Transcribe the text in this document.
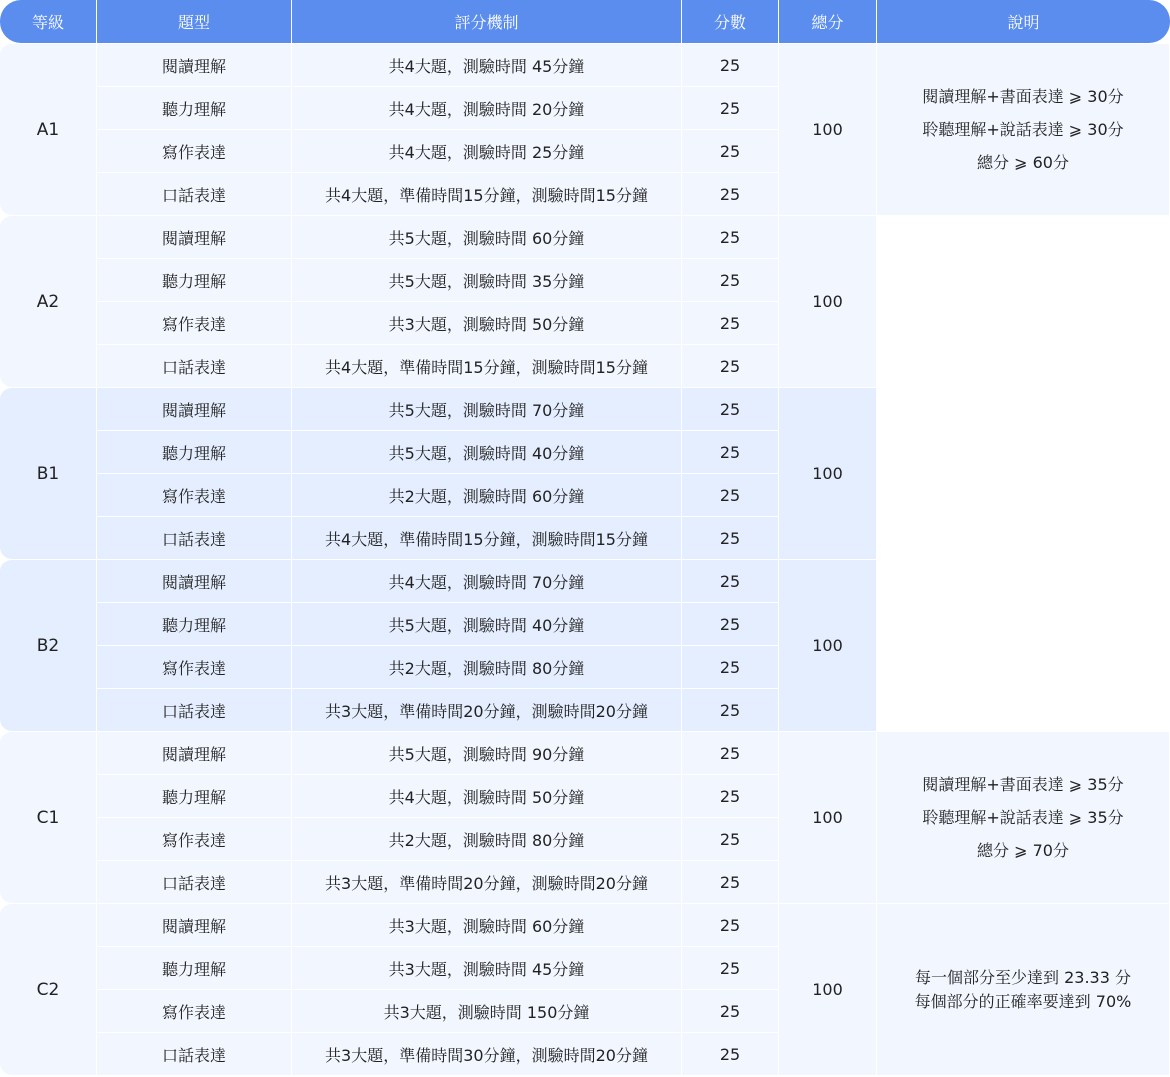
等級	題型	評分機制	分數	總分	說明
A1	閱讀理解	共4大題，測驗時間 45分鐘	25	100	閱讀理解+書面表達 ⩾ 30分
聆聽理解+說話表達 ⩾ 30分
總分 ⩾ 60分

	聽力理解	共4大題，測驗時間 20分鐘	25		
	寫作表達	共4大題，測驗時間 25分鐘	25		
	口話表達	共4大題，準備時間15分鐘，測驗時間15分鐘	25		
A2	閱讀理解	共5大題，測驗時間 60分鐘	25	100	
	聽力理解	共5大題，測驗時間 35分鐘	25		
	寫作表達	共3大題，測驗時間 50分鐘	25		
	口話表達	共4大題，準備時間15分鐘，測驗時間15分鐘	25		
B1	閱讀理解	共5大題，測驗時間 70分鐘	25	100	
	聽力理解	共5大題，測驗時間 40分鐘	25		
	寫作表達	共2大題，測驗時間 60分鐘	25		
	口話表達	共4大題，準備時間15分鐘，測驗時間15分鐘	25		
B2	閱讀理解	共4大題，測驗時間 70分鐘	25	100	
	聽力理解	共5大題，測驗時間 40分鐘	25		
	寫作表達	共2大題，測驗時間 80分鐘	25		
	口話表達	共3大題，準備時間20分鐘，測驗時間20分鐘	25		
C1	閱讀理解	共5大題，測驗時間 90分鐘	25	100	閱讀理解+書面表達 ⩾ 35分
聆聽理解+說話表達 ⩾ 35分
總分 ⩾ 70分

	聽力理解	共4大題，測驗時間 50分鐘	25		
	寫作表達	共2大題，測驗時間 80分鐘	25		
	口話表達	共3大題，準備時間20分鐘，測驗時間20分鐘	25		
C2	閱讀理解	共3大題，測驗時間 60分鐘	25	100	每一個部分至少達到 23.33 分
每個部分的正確率要達到 70%

	聽力理解	共3大題，測驗時間 45分鐘	25		
	寫作表達	共3大題，測驗時間 150分鐘	25		
	口話表達	共3大題，準備時間30分鐘，測驗時間20分鐘	25		
